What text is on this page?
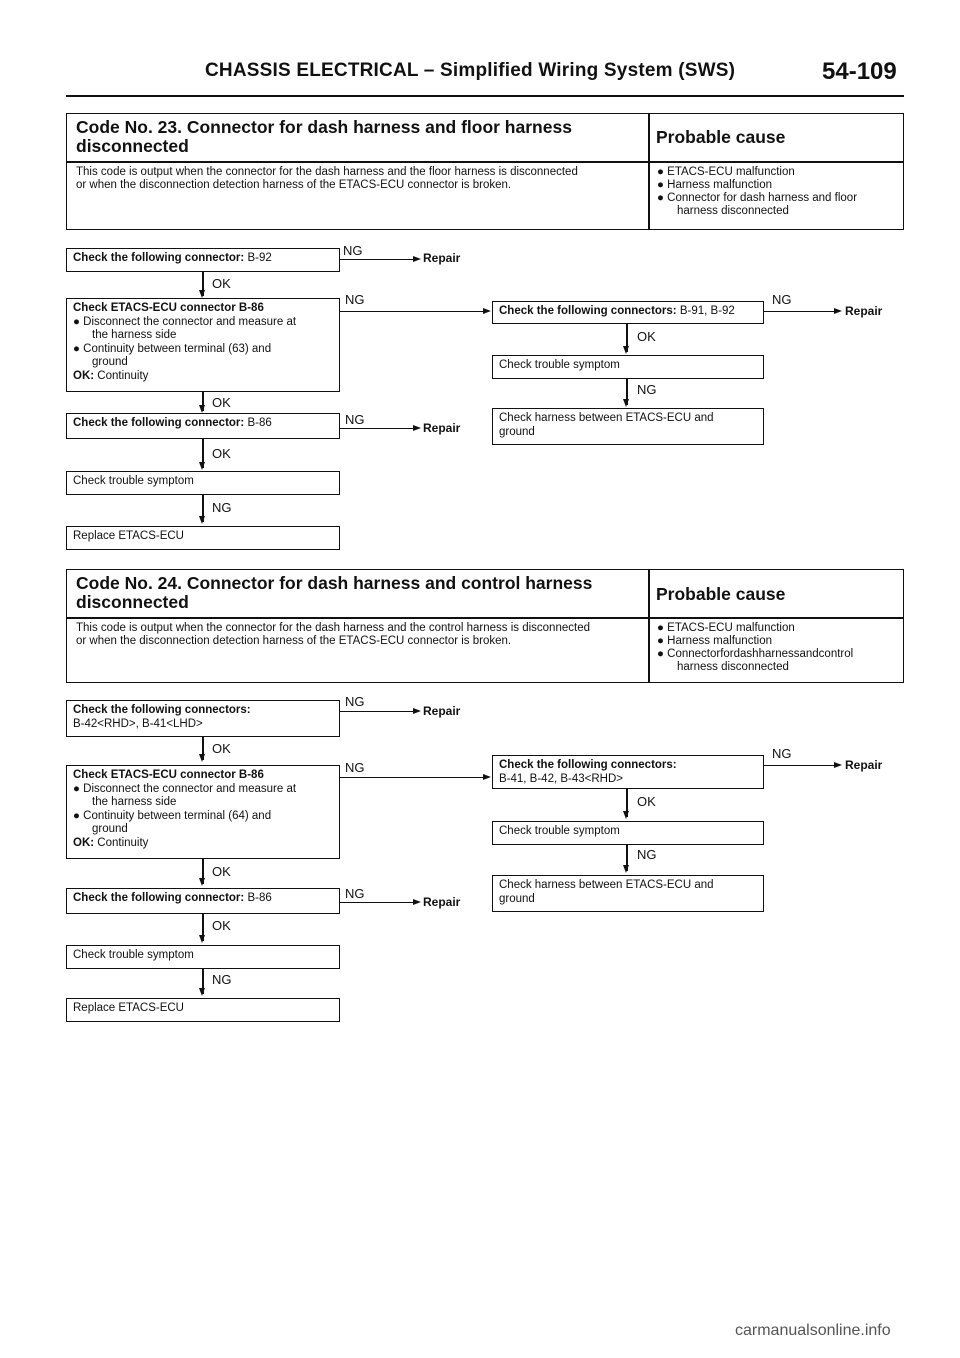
CHASSIS ELECTRICAL – Simplified Wiring System (SWS)	54-109
Code No. 23. Connector for dash harness and floor harness
disconnected	Probable cause
This code is output when the connector for the dash harness and the floor harness is disconnected
or when the disconnection detection harness of the ETACS-ECU connector is broken.
● ETACS-ECU malfunction
● Harness malfunction
● Connector for dash harness and floor
harness disconnected
Check the following connector: B-92	NG	Repair
OK
Check ETACS-ECU connector B-86
● Disconnect the connector and measure at
the harness side
● Continuity between terminal (63) and
ground
OK: Continuity
NG
OK
Check the following connector: B-86	NG
Repair
OK
Check trouble symptom
NG
Replace ETACS-ECU
Check the following connectors: B-91, B-92
NG
Repair
OK
Check trouble symptom
NG
Check harness between ETACS-ECU and
ground
Code No. 24. Connector for dash harness and control harness
disconnected	Probable cause
This code is output when the connector for the dash harness and the control harness is disconnected
or when the disconnection detection harness of the ETACS-ECU connector is broken.
● ETACS-ECU malfunction
● Harness malfunction
● Connectorfordashharnessandcontrol
harness disconnected
Check the following connectors:
B-42<RHD>, B-41<LHD>
NG
Repair
OK
Check ETACS-ECU connector B-86
● Disconnect the connector and measure at
the harness side
● Continuity between terminal (64) and
ground
OK: Continuity
NG
OK
Check the following connector: B-86	NG
Repair
OK
Check trouble symptom
NG
Replace ETACS-ECU
Check the following connectors:
B-41, B-42, B-43<RHD>
NG
Repair
OK
Check trouble symptom
NG
Check harness between ETACS-ECU and
ground
carmanualsonline.info
